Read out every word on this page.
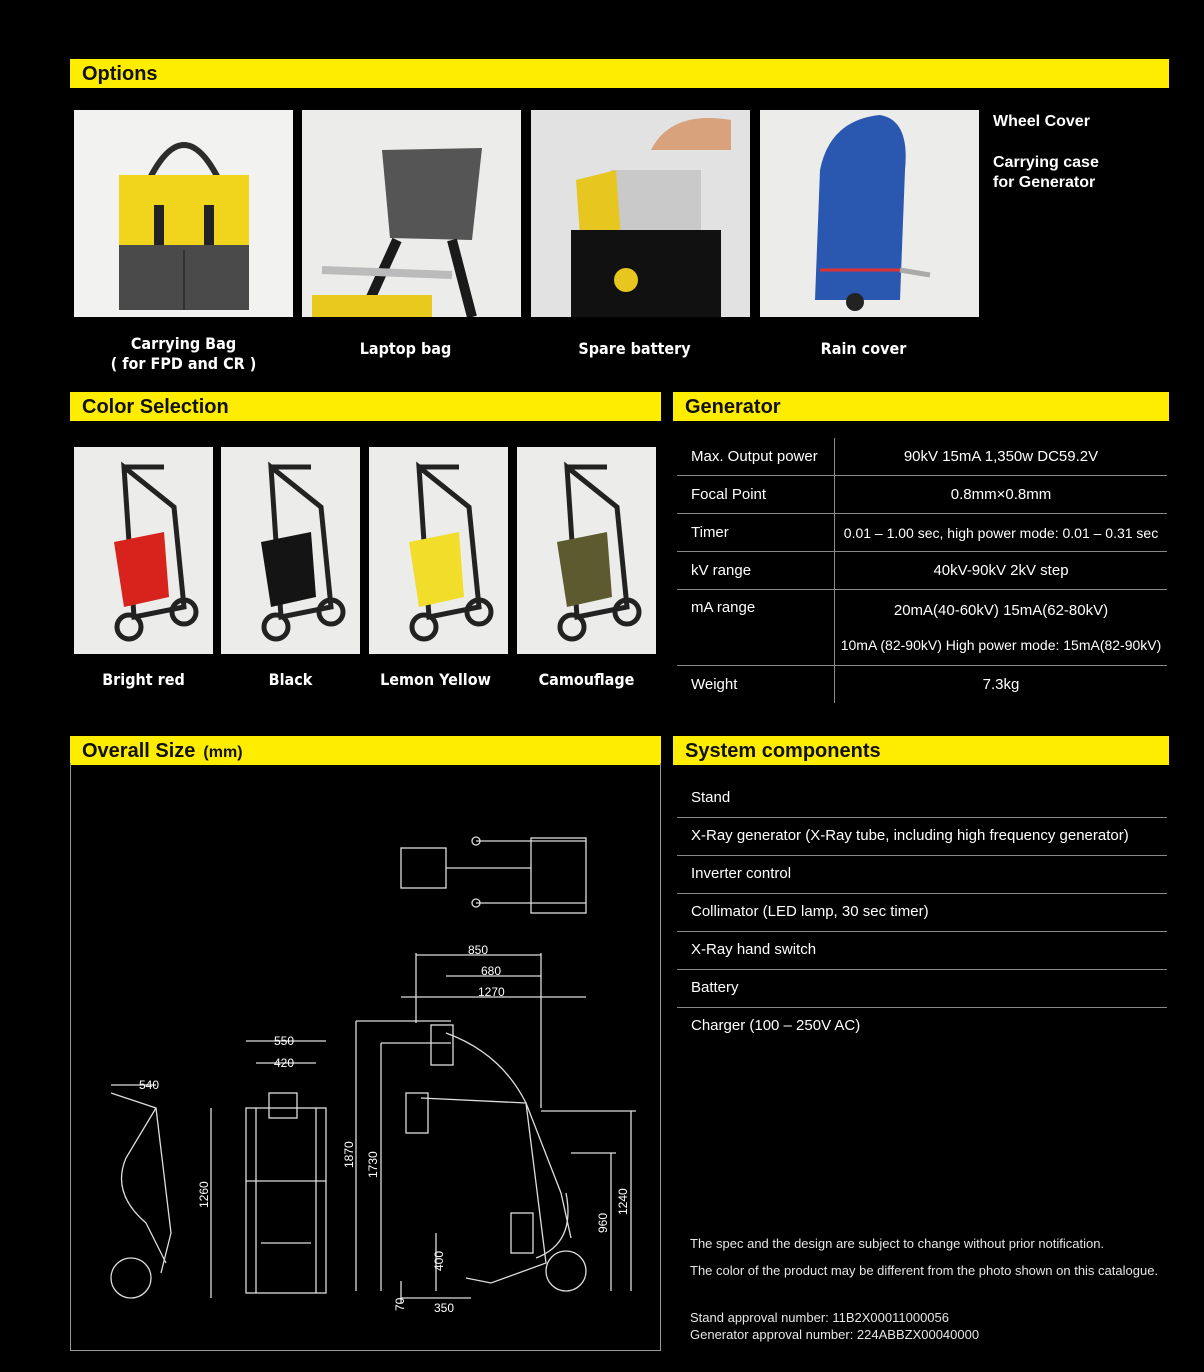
Options
Carrying Bag
( for FPD and CR )
Laptop bag	Spare battery	Rain cover
Wheel Cover
Carrying case
for Generator
Color Selection
Bright red	Black	Lemon Yellow	Camouflage
Generator
Max. Output power	90kV 15mA 1,350w DC59.2V
Focal Point	0.8mm×0.8mm
Timer	0.01 – 1.00 sec, high power mode: 0.01 – 0.31 sec
kV range	40kV-90kV 2kV step
mA range	20mA(40-60kV) 15mA(62-80kV)
10mA (82-90kV) High power mode: 15mA(82-90kV)

Weight	7.3kg
Overall Size (mm)
540
1260
550
420
850
680
1270
1870 1730
1240
960
400
70 350
System components
Stand
X-Ray generator (X-Ray tube, including high frequency generator)
Inverter control
Collimator (LED lamp, 30 sec timer)
X-Ray hand switch
Battery
Charger (100 – 250V AC)
The spec and the design are subject to change without prior notification.
The color of the product may be different from the photo shown on this catalogue.
Stand approval number: 11B2X00011000056
Generator approval number: 224ABBZX00040000
